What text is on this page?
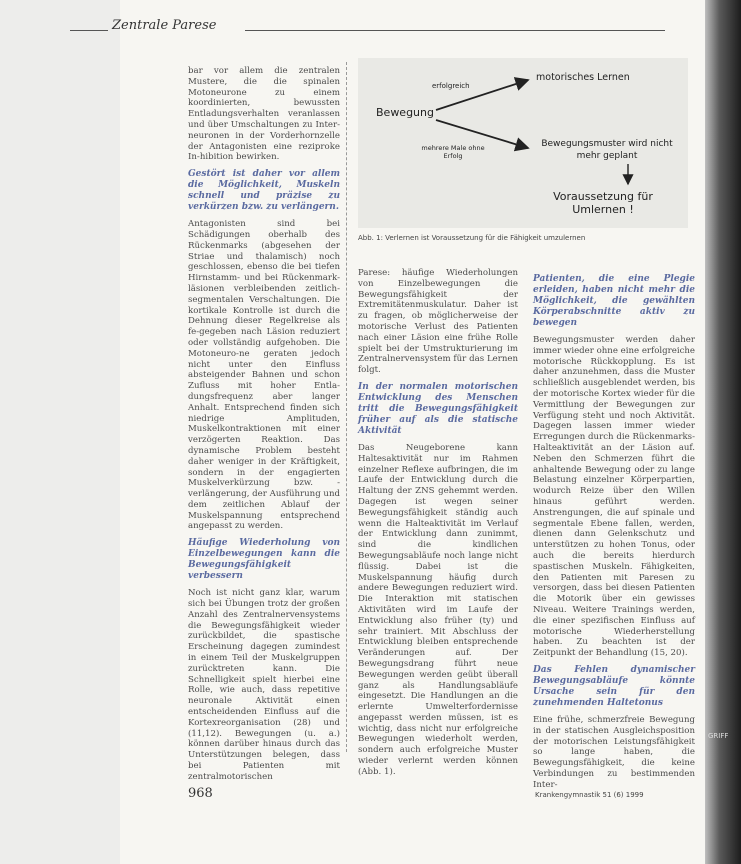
GRIFF
Zentrale Parese

bar vor allem die zentralen Mustere, die die spinalen Motoneurone zu einem koordinierten, bewussten Entladungsverhalten veranlassen und über Umschaltungen zu Inter-neuronen in der Vorderhornzelle der Antagonisten eine reziproke In-hibition bewirken.

Gestört ist daher vor allem die Möglichkeit, Muskeln schnell und präzise zu verkürzen bzw. zu verlängern.

Antagonisten sind bei Schädigungen oberhalb des Rückenmarks (abgesehen der Striae und thalamisch) noch geschlossen, ebenso die bei tiefen Hirnstamm- und bei Rückenmark-läsionen verbleibenden zeitlich-segmentalen Verschaltungen. Die kortikale Kontrolle ist durch die Dehnung dieser Regelkreise als fe-gegeben nach Läsion reduziert oder vollständig aufgehoben. Die Motoneuro-ne geraten jedoch nicht unter den Einfluss absteigender Bahnen und schon Zufluss mit hoher Entla-dungsfrequenz aber langer Anhalt. Entsprechend finden sich niedrige Amplituden, Muskelkontraktionen mit einer verzögerten Reaktion. Das dynamische Problem besteht daher weniger in der Kräftigkeit, sondern in der engagierten Muskelverkürzung bzw. -verlängerung, der Ausführung und dem zeitlichen Ablauf der Muskelspannung entsprechend angepasst zu werden.

Häufige Wiederholung von Einzelbewegungen kann die Bewegungsfähigkeit verbessern

Noch ist nicht ganz klar, warum sich bei Übungen trotz der großen Anzahl des Zentralnervensystems die Bewegungsfähigkeit wieder zurückbildet, die spastische Erscheinung dagegen zumindest in einem Teil der Muskelgruppen zurücktreten kann. Die Schnelligkeit spielt hierbei eine Rolle, wie auch, dass repetitive neuronale Aktivität einen entscheidenden Einfluss auf die Kortexreorganisation (28) und (11,12). Bewegungen (u. a.) können darüber hinaus durch das Unterstützungen belegen, dass bei Patienten mit zentralmotorischen

Bewegung
erfolgreich
motorisches Lernen
mehrere Male ohne Erfolg
Bewegungsmuster wird nicht mehr geplant
Voraussetzung für Umlernen !
Abb. 1: Verlernen ist Voraussetzung für die Fähigkeit umzulernen

Parese: häufige Wiederholungen von Einzelbewegungen die Bewegungsfähigkeit der Extremitätenmuskulatur. Daher ist zu fragen, ob möglicherweise der motorische Verlust des Patienten nach einer Läsion eine frühe Rolle spielt bei der Umstrukturierung im Zentralnervensystem für das Lernen folgt.

In der normalen motorischen Entwicklung des Menschen tritt die Bewegungsfähigkeit früher auf als die statische Aktivität

Das Neugeborene kann Haltesaktivität nur im Rahmen einzelner Reflexe aufbringen, die im Laufe der Entwicklung durch die Haltung der ZNS gehemmt werden. Dagegen ist wegen seiner Bewegungsfähigkeit ständig auch wenn die Halteaktivität im Verlauf der Entwicklung dann zunimmt, sind die kindlichen Bewegungsabläufe noch lange nicht flüssig. Dabei ist die Muskelspannung häufig durch andere Bewegungen reduziert wird. Die Interaktion mit statischen Aktivitäten wird im Laufe der Entwicklung also früher (ty) und sehr trainiert. Mit Abschluss der Entwicklung bleiben entsprechende Veränderungen auf. Der Bewegungsdrang führt neue Bewegungen werden geübt überall ganz als Handlungsabläufe eingesetzt. Die Handlungen an die erlernte Umwelterfordernisse angepasst werden müssen, ist es wichtig, dass nicht nur erfolgreiche Bewegungen wiederholt werden, sondern auch erfolgreiche Muster wieder verlernt werden können (Abb. 1).

Patienten, die eine Plegie erleiden, haben nicht mehr die Möglichkeit, die gewählten Körperabschnitte aktiv zu bewegen

Bewegungsmuster werden daher immer wieder ohne eine erfolgreiche motorische Rückkopplung. Es ist daher anzunehmen, dass die Muster schließlich ausgeblendet werden, bis der motorische Kortex wieder für die Vermittlung der Bewegungen zur Verfügung steht und noch Aktivität. Dagegen lassen immer wieder Erregungen durch die Rückenmarks-Halteaktivität an der Läsion auf. Neben den Schmerzen führt die anhaltende Bewegung oder zu lange Belastung einzelner Körperpartien, wodurch Reize über den Willen hinaus geführt werden. Anstrengungen, die auf spinale und segmentale Ebene fallen, werden, dienen dann Gelenkschutz und unterstützen zu hohen Tonus, oder auch die bereits hierdurch spastischen Muskeln. Fähigkeiten, den Patienten mit Paresen zu versorgen, dass bei diesen Patienten die Motorik über ein gewisses Niveau. Weitere Trainings werden, die einer spezifischen Einfluss auf motorische Wiederherstellung haben. Zu beachten ist der Zeitpunkt der Behandlung (15, 20).

Das Fehlen dynamischer Bewegungsabläufe könnte Ursache sein für den zunehmenden Haltetonus

Eine frühe, schmerzfreie Bewegung in der statischen Ausgleichsposition der motorischen Leistungsfähigkeit so lange haben, die Bewegungsfähigkeit, die keine Verbindungen zu bestimmenden Inter-

968	Krankengymnastik 51 (6) 1999
